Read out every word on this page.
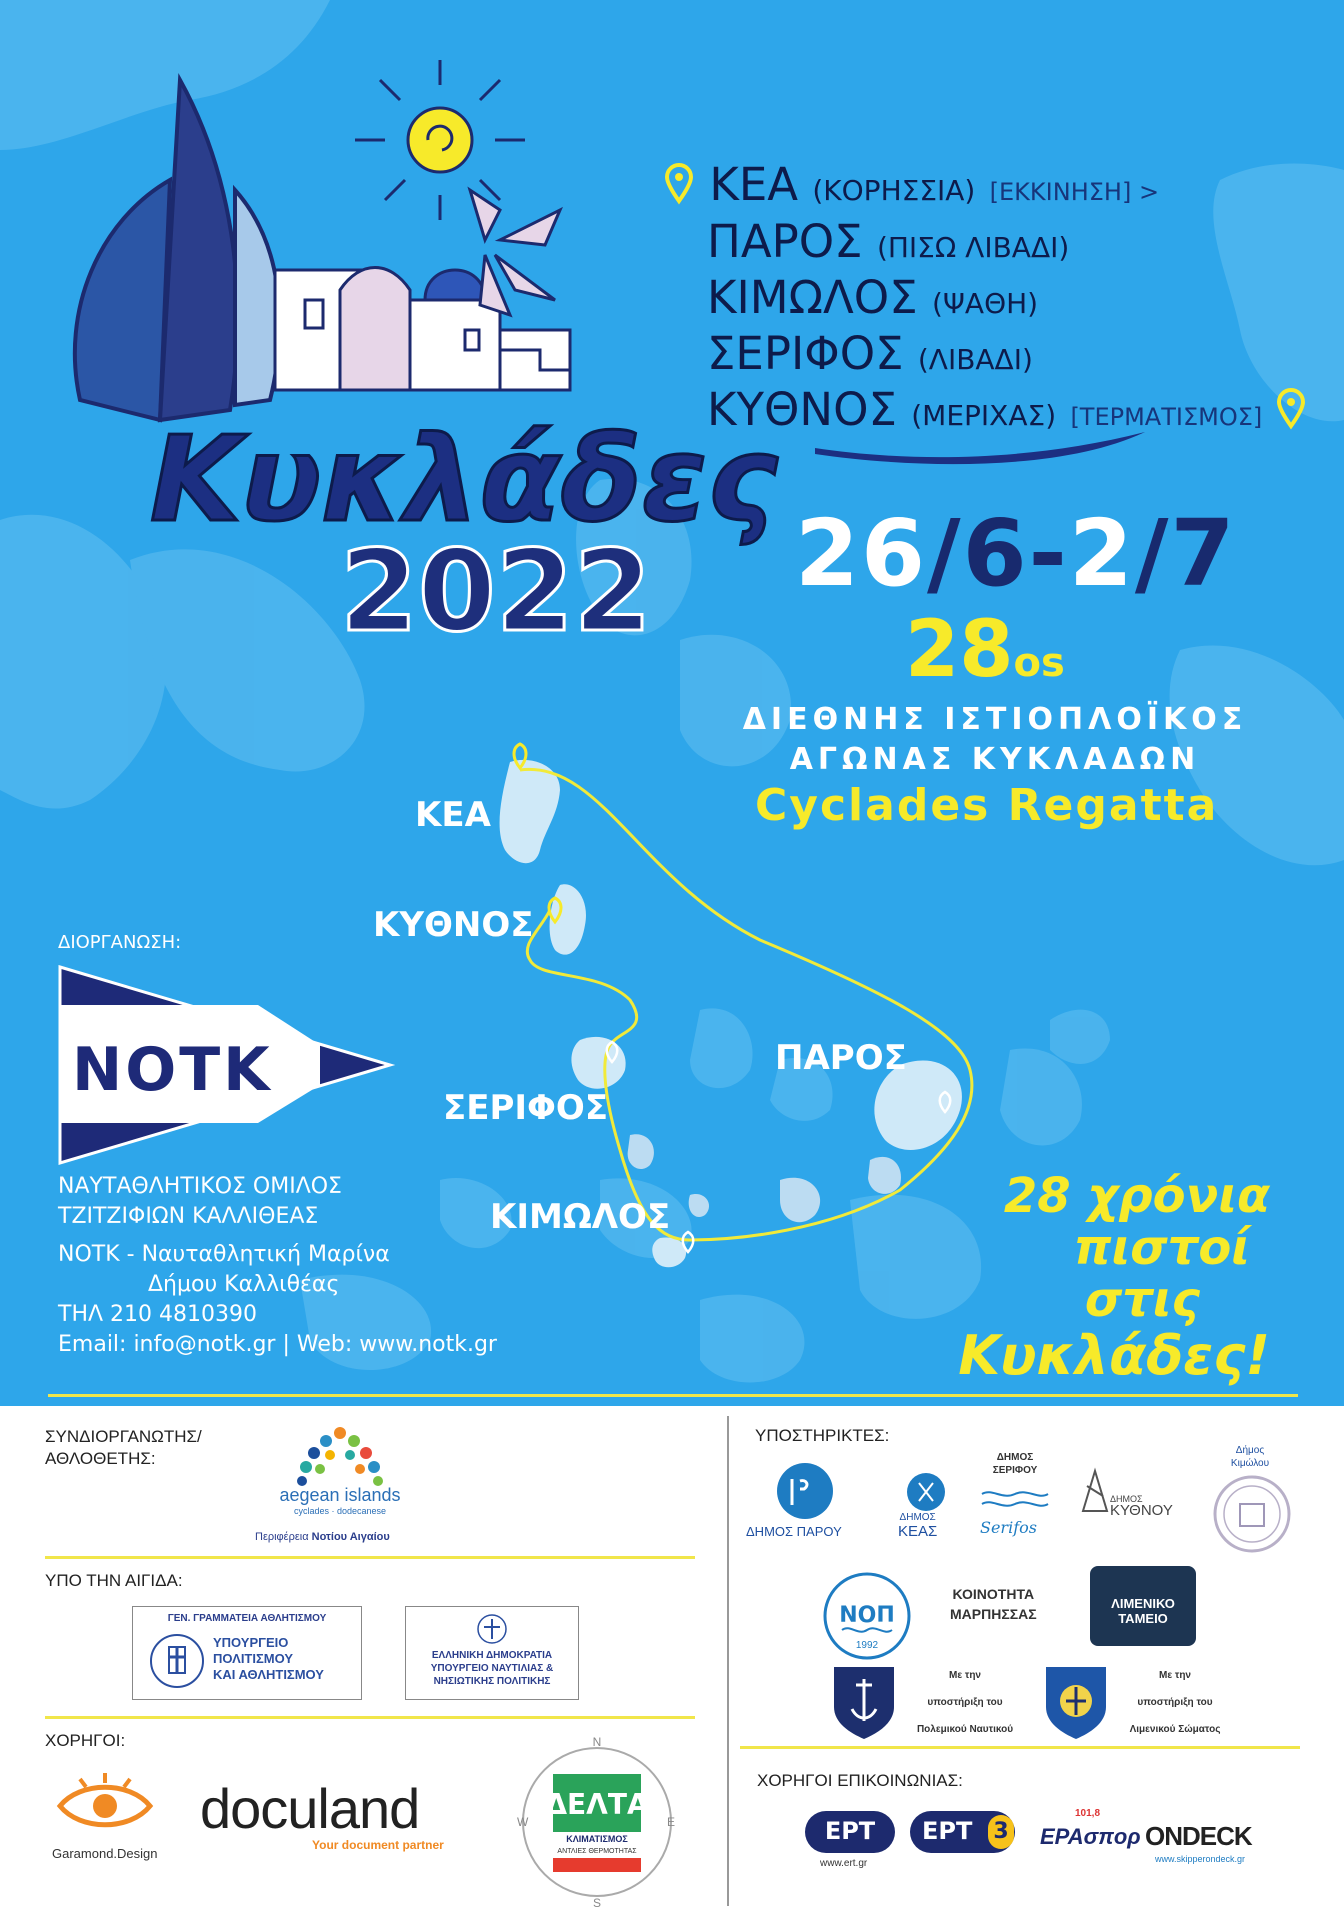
Κυκλάδες
2022
ΚΕΑ (ΚΟΡΗΣΣΙΑ) [ΕΚΚΙΝΗΣΗ] >
ΠΑΡΟΣ (ΠΙΣΩ ΛΙΒΑΔΙ)
ΚΙΜΩΛΟΣ (ΨΑΘΗ)
ΣΕΡΙΦΟΣ (ΛΙΒΑΔΙ)
ΚΥΘΝΟΣ (ΜΕΡΙΧΑΣ) [ΤΕΡΜΑΤΙΣΜΟΣ]
26/6-2/7
28os
ΔΙΕΘΝΗΣ ΙΣΤΙΟΠΛΟΪΚΟΣ
ΑΓΩΝΑΣ ΚΥΚΛΑΔΩΝ
Cyclades Regatta
ΚΕΑ
ΚΥΘΝΟΣ
ΣΕΡΙΦΟΣ
ΚΙΜΩΛΟΣ
ΠΑΡΟΣ
ΔΙΟΡΓΑΝΩΣΗ:
NOTK
ΝΑΥΤΑΘΛΗΤΙΚΟΣ ΟΜΙΛΟΣ
ΤΖΙΤΖΙΦΙΩΝ ΚΑΛΛΙΘΕΑΣ
ΝΟΤΚ - Ναυταθλητική Μαρίνα
Δήμου Καλλιθέας
ΤΗΛ 210 4810390
Email: info@notk.gr | Web: www.notk.gr
28 χρόνια
πιστοί
στις
Κυκλάδες!
ΣΥΝΔΙΟΡΓΑΝΩΤΗΣ/
ΑΘΛΟΘΕΤΗΣ:
aegean islands
cyclades · dodecanese
Περιφέρεια Νοτίου Αιγαίου
ΥΠΟ ΤΗΝ ΑΙΓΙΔΑ:
ΓΕΝ. ΓΡΑΜΜΑΤΕΙΑ ΑΘΛΗΤΙΣΜΟΥ
ΥΠΟΥΡΓΕΙΟ
ΠΟΛΙΤΙΣΜΟΥ
ΚΑΙ ΑΘΛΗΤΙΣΜΟΥ
ΕΛΛΗΝΙΚΗ ΔΗΜΟΚΡΑΤΙΑ
ΥΠΟΥΡΓΕΙΟ ΝΑΥΤΙΛΙΑΣ &
ΝΗΣΙΩΤΙΚΗΣ ΠΟΛΙΤΙΚΗΣ
ΧΟΡΗΓΟΙ:
Garamond.Design
doculand
Your document partner
N
S
W	E
ΔΕΛΤΑ
ΚΛΙΜΑΤΙΣΜΟΣ
ΑΝΤΛΙΕΣ ΘΕΡΜΟΤΗΤΑΣ
ΥΠΟΣΤΗΡΙΚΤΕΣ:
ΔΗΜΟΣ ΠΑΡΟΥ
ΔΗΜΟΣ
ΚΕΑΣ
ΔΗΜΟΣ
ΣΕΡΙΦΟΥ
Serifos
ΔΗΜΟΣ
ΚΥΘΝΟΥ
Δήμος
Κιμώλου
ΝΟΠ
1992
ΚΟΙΝΟΤΗΤΑ
ΜΑΡΠΗΣΣΑΣ
ΛΙΜΕΝΙΚΟ ΤΑΜΕΙΟ
Με την
υποστήριξη του
Πολεμικού Ναυτικού
Με την
υποστήριξη του
Λιμενικού Σώματος
ΧΟΡΗΓΟΙ ΕΠΙΚΟΙΝΩΝΙΑΣ:
ΕΡΤ
www.ert.gr
ΕΡΤ 3
101,8
ΕΡΑσπορ ONDECK
www.skipperondeck.gr
